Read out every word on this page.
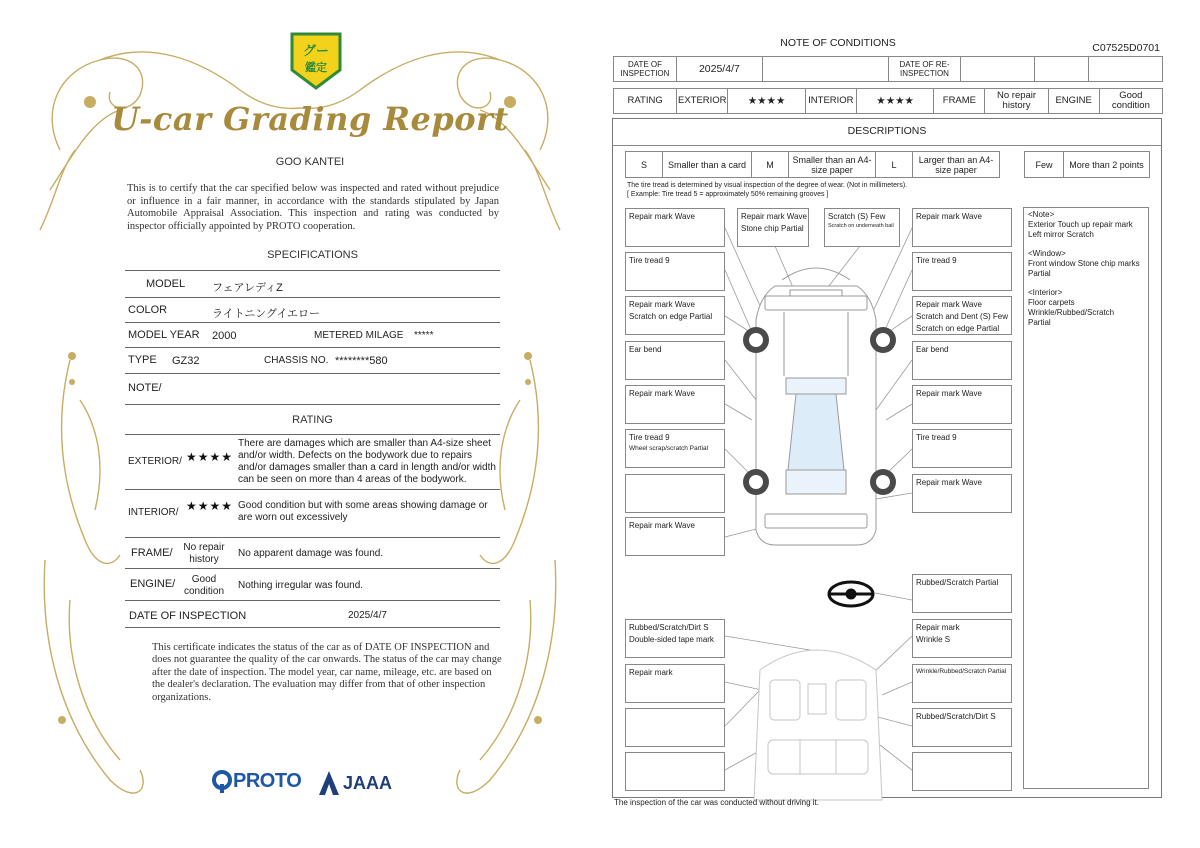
グー
鑑定
U-car Grading Report
GOO KANTEI
This is to certify that the car specified below was inspected and rated without prejudice or influence in a fair manner, in accordance with the standards stipulated by Japan Automobile Appraisal Association. This inspection and rating was conducted by inspector officially appointed by PROTO cooperation.
SPECIFICATIONS
MODEL フェアレディZ
COLOR	ライトニングイエロー
MODEL YEAR 2000	METERED MILAGE *****
TYPE GZ32	CHASSIS NO. ********580
NOTE/
RATING
EXTERIOR/ ★★★★
There are damages which are smaller than A4-size sheet and/or width. Defects on the bodywork due to repairs and/or damages smaller than a card in length and/or width can be seen on more than 4 areas of the bodywork.
INTERIOR/ ★★★★ Good condition but with some areas showing damage or are worn out excessively
FRAME/	No repair history
No apparent damage was found.
ENGINE/	Good condition
Nothing irregular was found.
DATE OF INSPECTION	2025/4/7
This certificate indicates the status of the car as of DATE OF INSPECTION and does not guarantee the quality of the car onwards. The status of the car may change after the date of inspection. The model year, car name, mileage, etc. are based on the dealer's declaration. The evaluation may differ from that of other inspection organizations.
PROTO JAAA
NOTE OF CONDITIONS	C07525D0701
DATE OF INSPECTION	2025/4/7		DATE OF RE-INSPECTION			
RATING	EXTERIOR	★★★★	INTERIOR	★★★★	FRAME	No repair history	ENGINE	Good condition
DESCRIPTIONS
S	Smaller than a card	M	Smaller than an A4-size paper	L	Larger than an A4-size paper	Few	More than 2 points
The tire tread is determined by visual inspection of the degree of wear. (Not in millimeters).
[ Example: Tire tread 5 = approximately 50% remaining grooves ]
Repair mark Wave	Repair mark Wave
Stone chip Partial
Scratch (S) Few
Scratch on underneath bail
Repair mark Wave
Tire tread 9	Tire tread 9
Repair mark Wave
Scratch on edge Partial
Repair mark Wave
Scratch and Dent (S) Few
Scratch on edge Partial
Ear bend	Ear bend
Repair mark Wave	Repair mark Wave
Tire tread 9
Wheel scrap/scratch Partial
Tire tread 9
Repair mark Wave
Repair mark Wave
Rubbed/Scratch Partial
Rubbed/Scratch/Dirt S
Double-sided tape mark
Repair mark
Wrinkle S
Repair mark	Wrinkle/Rubbed/Scratch Partial
Rubbed/Scratch/Dirt S
<Note>
Exterior Touch up repair mark
Left mirror Scratch
<Window>
Front window Stone chip marks
Partial
<Interior>
Floor carpets
Wrinkle/Rubbed/Scratch
Partial
The inspection of the car was conducted without driving it.
